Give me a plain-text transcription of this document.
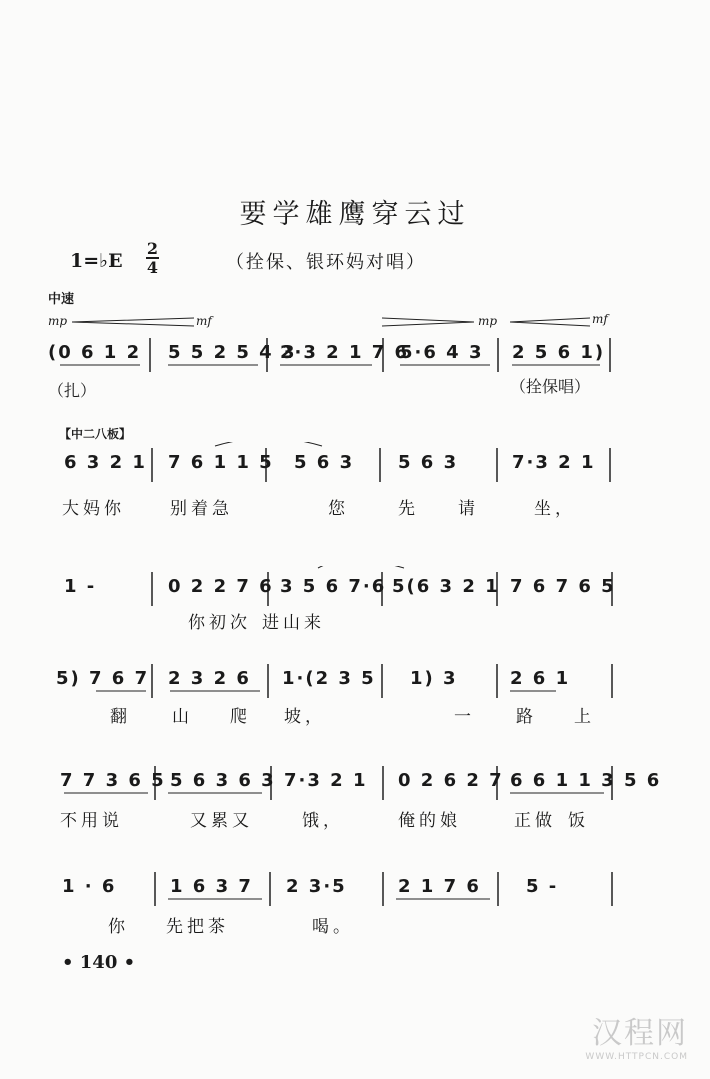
要学雄鹰穿云过
1=♭E
2
4	（拴保、银环妈对唱）
中速
mp	mf	mp	mf
(0 6 1 2 5 5 2 5 4 3
2·3 2 1 7 6
5·6 4 3 2 5 6 1)
（扎）	（拴保唱）
【中二八板】
6 3 2 1 7 6 1 1 5 5 6 3 5 6 3	7·3 2 1
大妈你	别着急	您	先 请	坐，
1 -	0 2 2 7 6 3 5 6 7·6 5(6 3 2 1 7 6 7 6 5
你初次 进山来
5) 7 6 7 2 3 2 6 1·(2 3 5 1) 3	2 6 1
翻 山 爬 坡，	一 路 上
7 7 3 6 5 5 6 3 6 3 7·3 2 1 0 2 6 2 7 6 6 1 1 3 5 6
不用说	又累又	饿，	俺的娘	正做 饭
1 · 6	1 6 3 7 2 3·5	2 1 7 6	5 -
你 先把茶	喝。
• 140 •
汉程网
WWW.HTTPCN.COM
